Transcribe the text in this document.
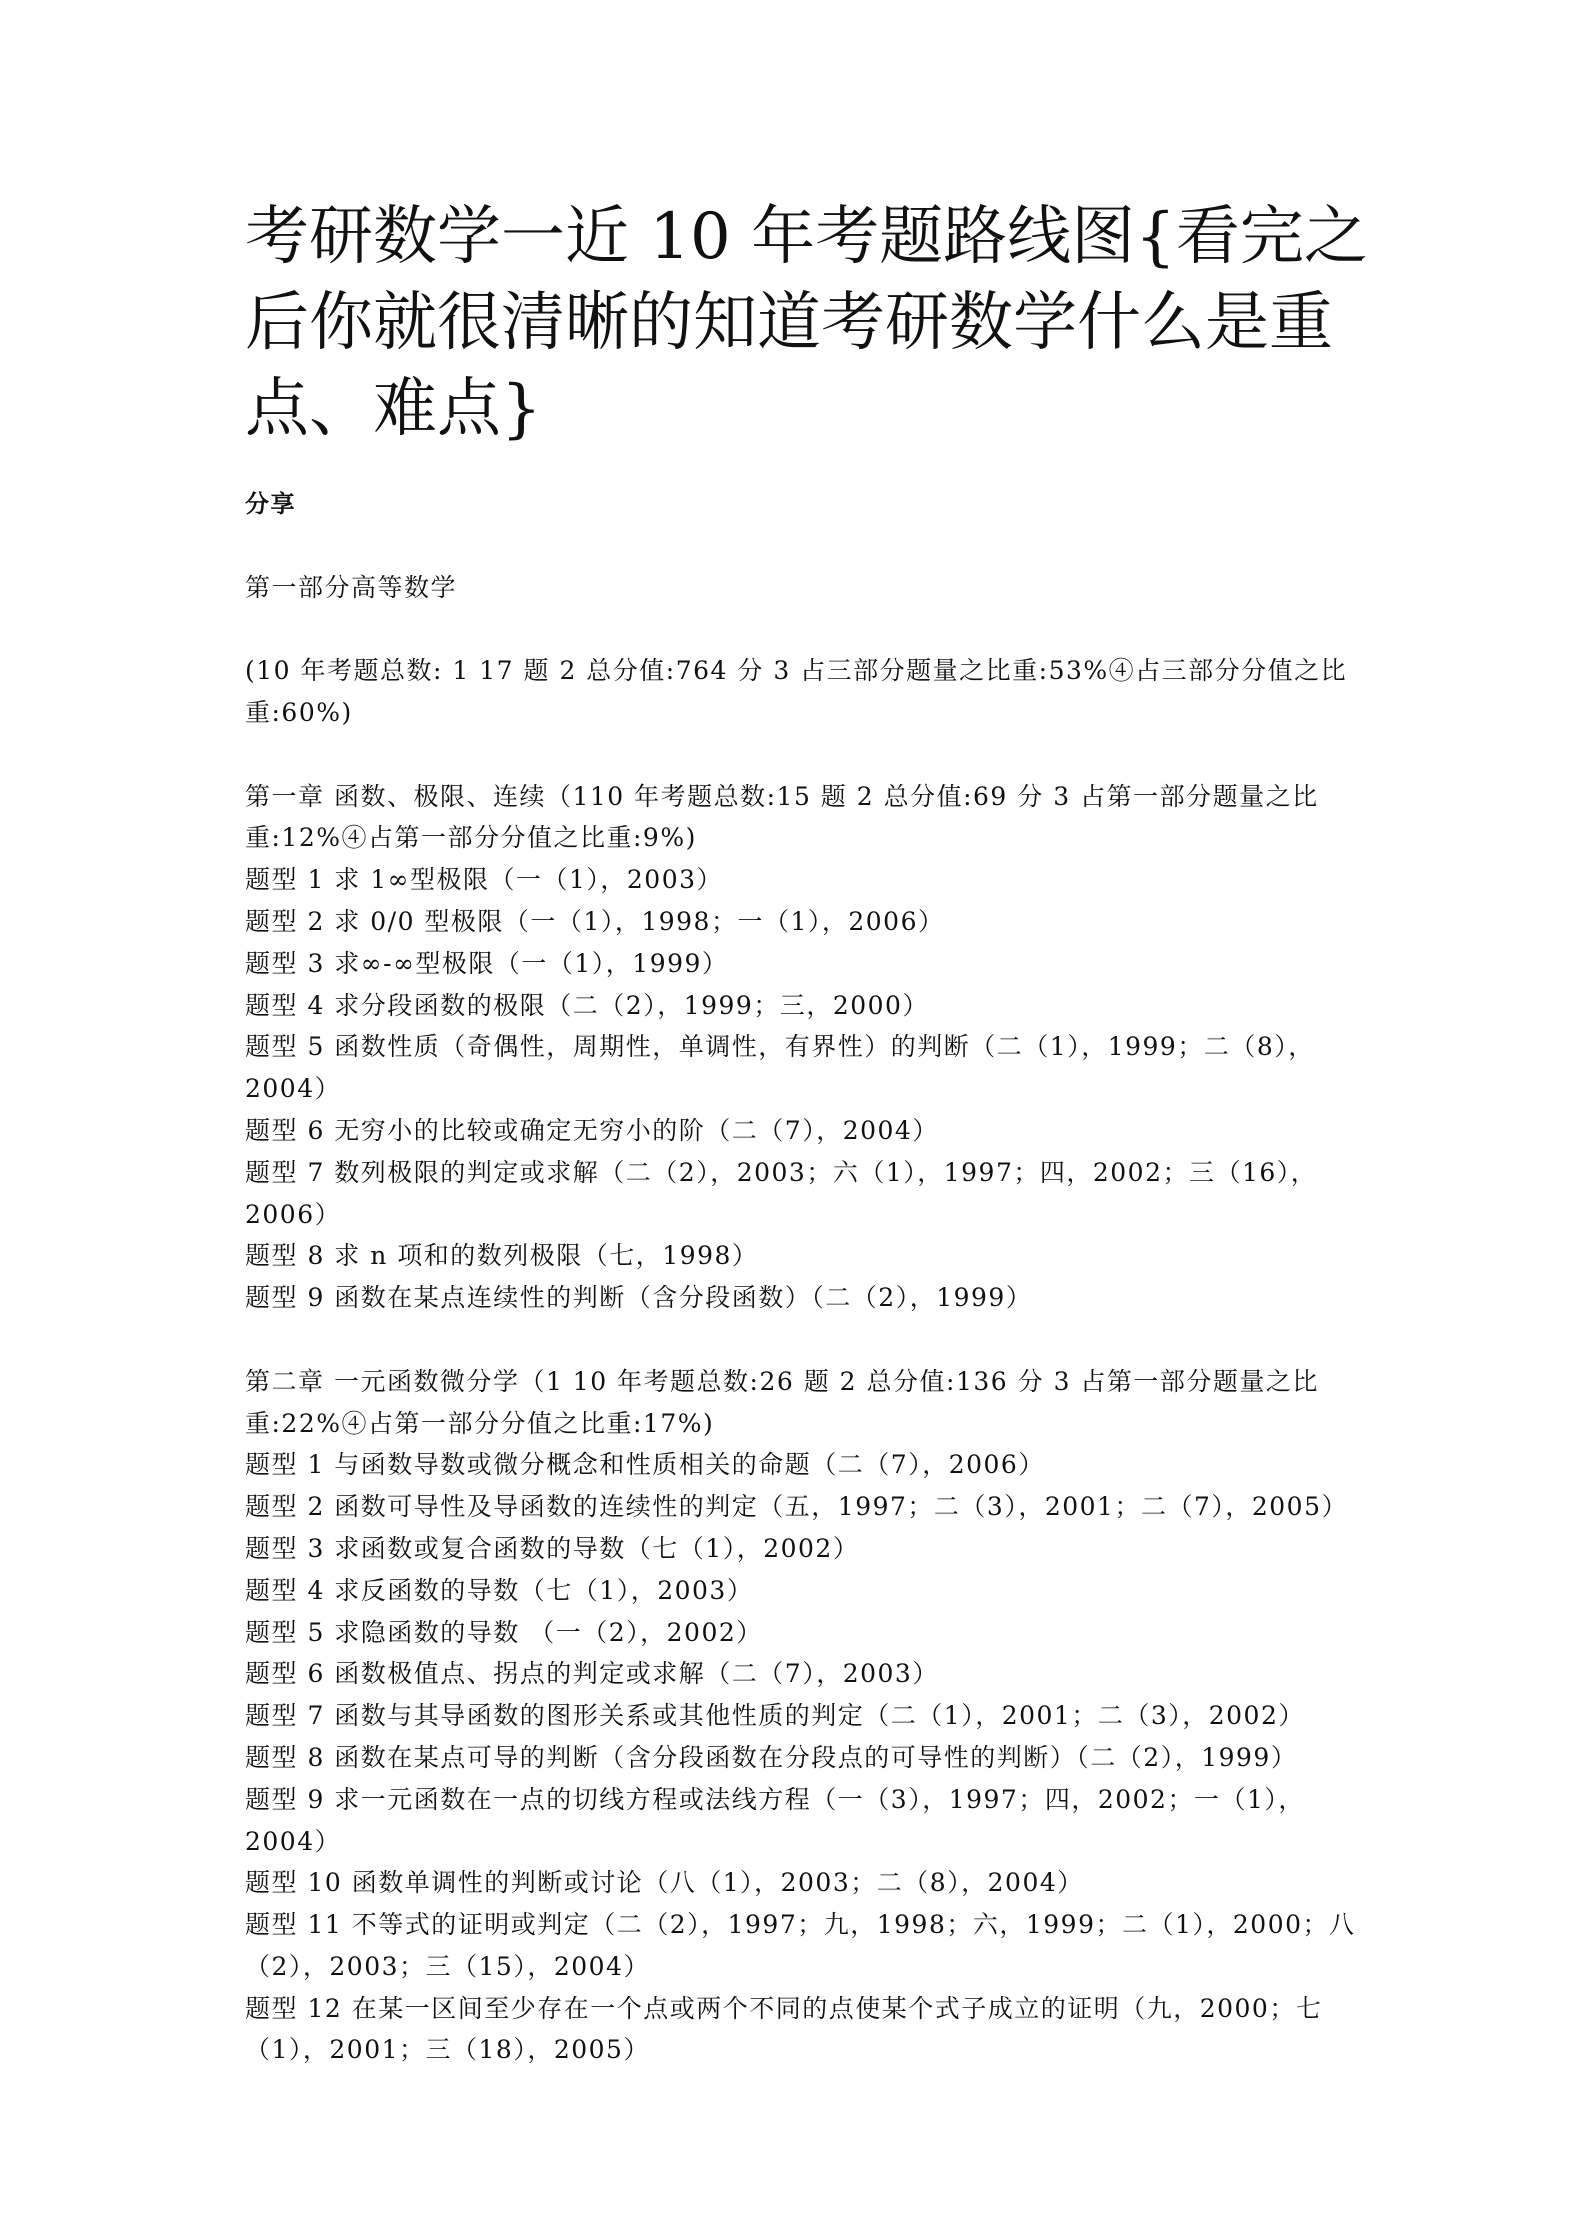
考研数学一近 10 年考题路线图{看完之
后你就很清晰的知道考研数学什么是重
点、难点}
分享
第一部分高等数学
(10 年考题总数: 1 17 题 2 总分值:764 分 3 占三部分题量之比重:53%④占三部分分值之比
重:60%)
第一章 函数、极限、连续（110 年考题总数:15 题 2 总分值:69 分 3 占第一部分题量之比
重:12%④占第一部分分值之比重:9%)
题型 1 求 1∞型极限（一（1），2003）
题型 2 求 0/0 型极限（一（1），1998；一（1），2006）
题型 3 求∞-∞型极限（一（1），1999）
题型 4 求分段函数的极限（二（2），1999；三，2000）
题型 5 函数性质（奇偶性，周期性，单调性，有界性）的判断（二（1），1999；二（8），
2004）
题型 6 无穷小的比较或确定无穷小的阶（二（7），2004）
题型 7 数列极限的判定或求解（二（2），2003；六（1），1997；四，2002；三（16），
2006）
题型 8 求 n 项和的数列极限（七，1998）
题型 9 函数在某点连续性的判断（含分段函数）（二（2），1999）
第二章 一元函数微分学（1 10 年考题总数:26 题 2 总分值:136 分 3 占第一部分题量之比
重:22%④占第一部分分值之比重:17%)
题型 1 与函数导数或微分概念和性质相关的命题（二（7），2006）
题型 2 函数可导性及导函数的连续性的判定（五，1997；二（3），2001；二（7），2005）
题型 3 求函数或复合函数的导数（七（1），2002）
题型 4 求反函数的导数（七（1），2003）
题型 5 求隐函数的导数 （一（2），2002）
题型 6 函数极值点、拐点的判定或求解（二（7），2003）
题型 7 函数与其导函数的图形关系或其他性质的判定（二（1），2001；二（3），2002）
题型 8 函数在某点可导的判断（含分段函数在分段点的可导性的判断）（二（2），1999）
题型 9 求一元函数在一点的切线方程或法线方程（一（3），1997；四，2002；一（1），
2004）
题型 10 函数单调性的判断或讨论（八（1），2003；二（8），2004）
题型 11 不等式的证明或判定（二（2），1997；九，1998；六，1999；二（1），2000；八
（2），2003；三（15），2004）
题型 12 在某一区间至少存在一个点或两个不同的点使某个式子成立的证明（九，2000；七
（1），2001；三（18），2005）
